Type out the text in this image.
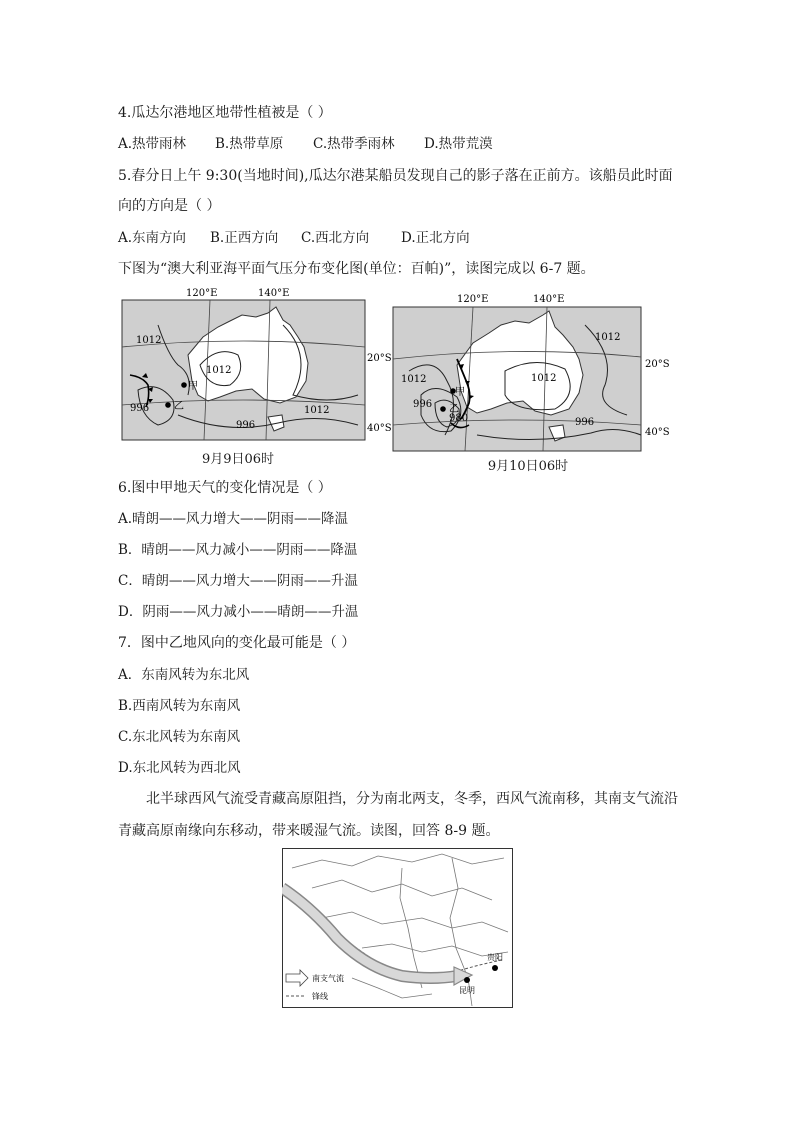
4.瓜达尔港地区地带性植被是（ ）
A.热带雨林 B.热带草原 C.热带季雨林 D.热带荒漠
5.春分日上午 9:30(当地时间),瓜达尔港某船员发现自己的影子落在正前方。该船员此时面
向的方向是（ ）
A.东南方向 B.正西方向 C.西北方向 D.正北方向
下图为“澳大利亚海平面气压分布变化图(单位：百帕)”，读图完成以 6-7 题。
120°E	140°E
1012
1012
1012
996
996
甲
乙
9月9日06时
120°E	140°E
1012
1012	1012
996
996
980
甲
乙
20°S
40°S
20°S
40°S
9月10日06时
6.图中甲地天气的变化情况是（ ）
A.晴朗——风力增大——阴雨——降温
B．晴朗——风力减小——阴雨——降温
C．晴朗——风力增大——阴雨——升温
D．阴雨——风力减小——晴朗——升温
7．图中乙地风向的变化最可能是（ ）
A．东南风转为东北风
B.西南风转为东南风
C.东北风转为东南风
D.东北风转为西北风
北半球西风气流受青藏高原阻挡，分为南北两支，冬季，西风气流南移，其南支气流沿
青藏高原南缘向东移动，带来暖湿气流。读图，回答 8-9 题。
贵阳
昆明
南支气流
锋线
